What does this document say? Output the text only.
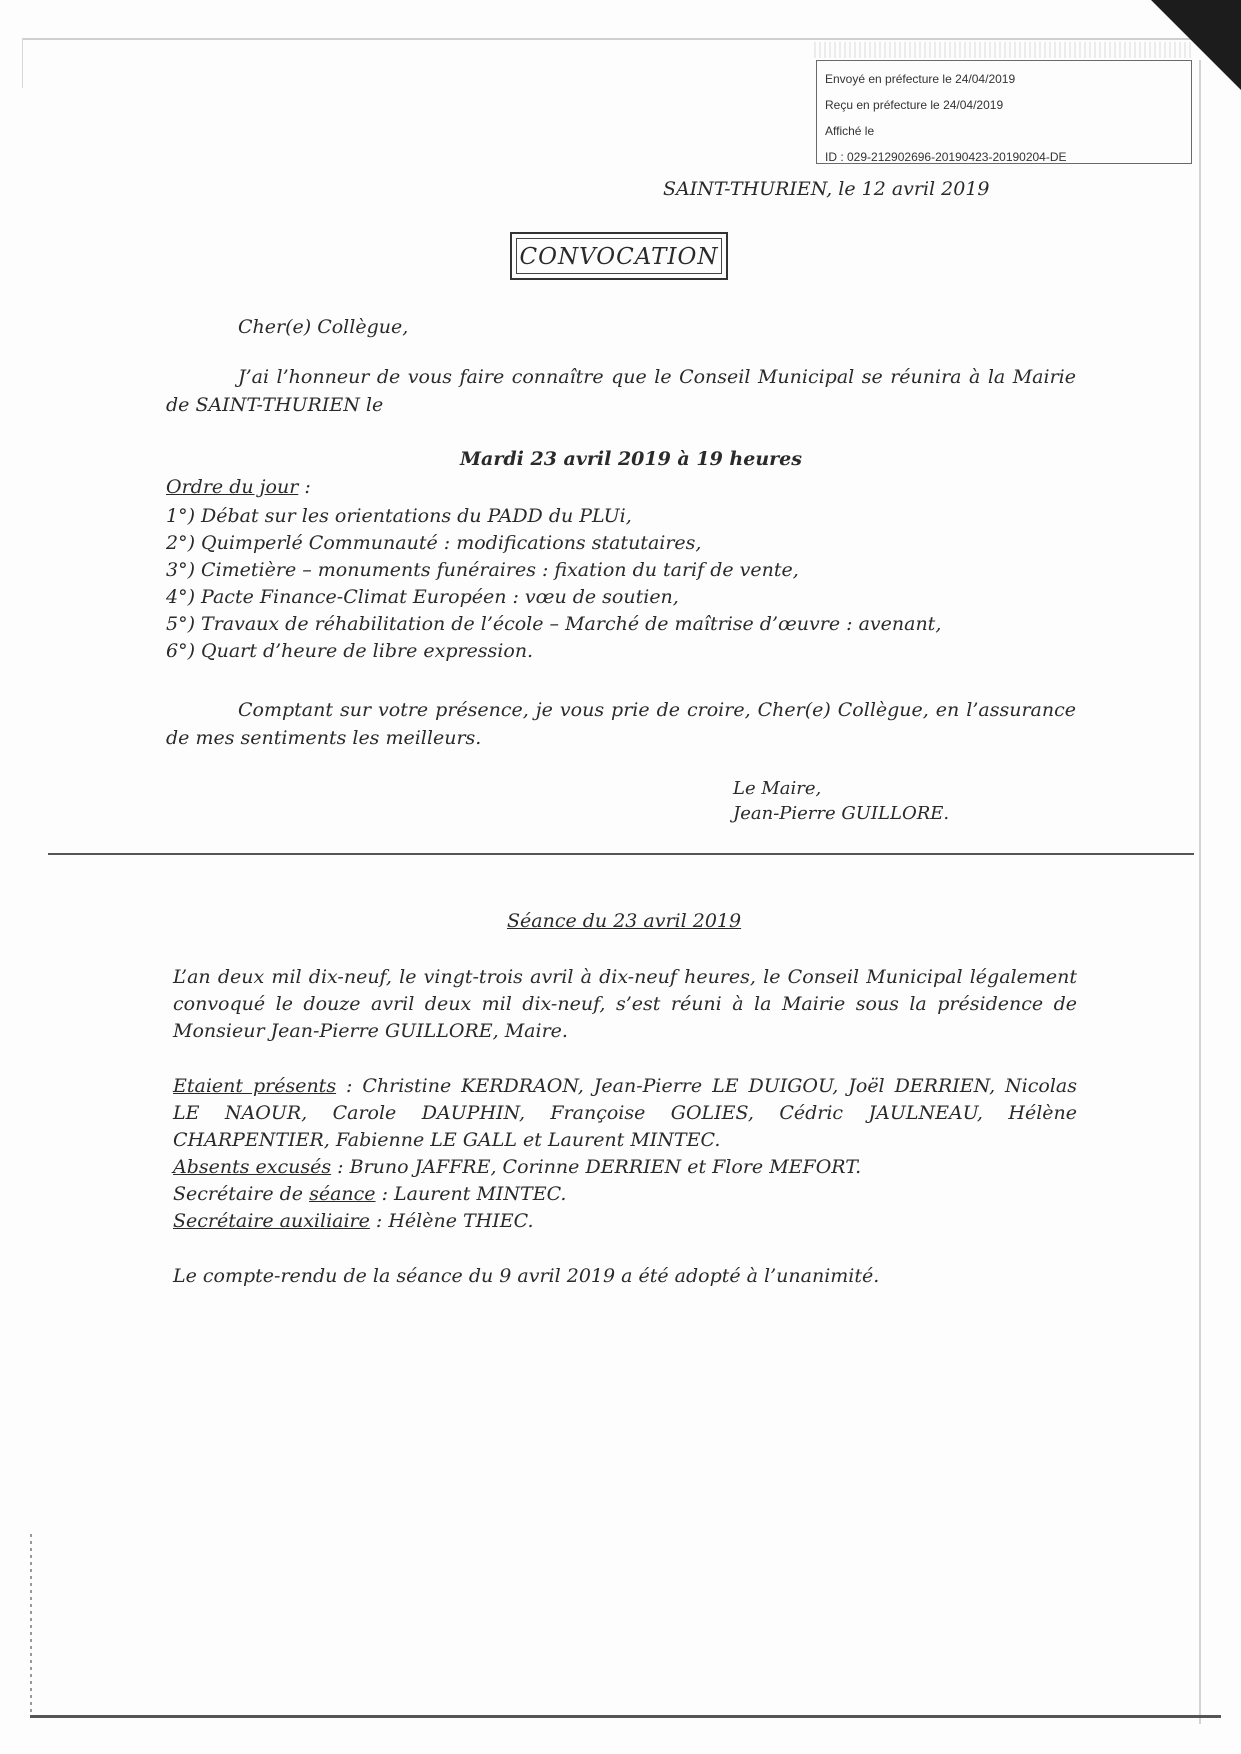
Envoyé en préfecture le 24/04/2019
Reçu en préfecture le 24/04/2019
Affiché le
ID : 029-212902696-20190423-20190204-DE
SAINT-THURIEN, le 12 avril 2019
CONVOCATION
Cher(e) Collègue,
J’ai l’honneur de vous faire connaître que le Conseil Municipal se réunira à la Mairie
de SAINT-THURIEN le
Mardi 23 avril 2019 à 19 heures
Ordre du jour :
1°) Débat sur les orientations du PADD du PLUi,
2°) Quimperlé Communauté : modifications statutaires,
3°) Cimetière – monuments funéraires : fixation du tarif de vente,
4°) Pacte Finance-Climat Européen : vœu de soutien,
5°) Travaux de réhabilitation de l’école – Marché de maîtrise d’œuvre : avenant,
6°) Quart d’heure de libre expression.
Comptant sur votre présence, je vous prie de croire, Cher(e) Collègue, en l’assurance
de mes sentiments les meilleurs.
Le Maire,
Jean-Pierre GUILLORE.
Séance du 23 avril 2019
L’an deux mil dix-neuf, le vingt-trois avril à dix-neuf heures, le Conseil Municipal légalement
convoqué le douze avril deux mil dix-neuf, s’est réuni à la Mairie sous la présidence de
Monsieur Jean-Pierre GUILLORE, Maire.
Etaient présents : Christine KERDRAON, Jean-Pierre LE DUIGOU, Joël DERRIEN, Nicolas
LE NAOUR, Carole DAUPHIN, Françoise GOLIES, Cédric JAULNEAU, Hélène
CHARPENTIER, Fabienne LE GALL et Laurent MINTEC.
Absents excusés : Bruno JAFFRE, Corinne DERRIEN et Flore MEFORT.
Secrétaire de séance : Laurent MINTEC.
Secrétaire auxiliaire : Hélène THIEC.
Le compte-rendu de la séance du 9 avril 2019 a été adopté à l’unanimité.
